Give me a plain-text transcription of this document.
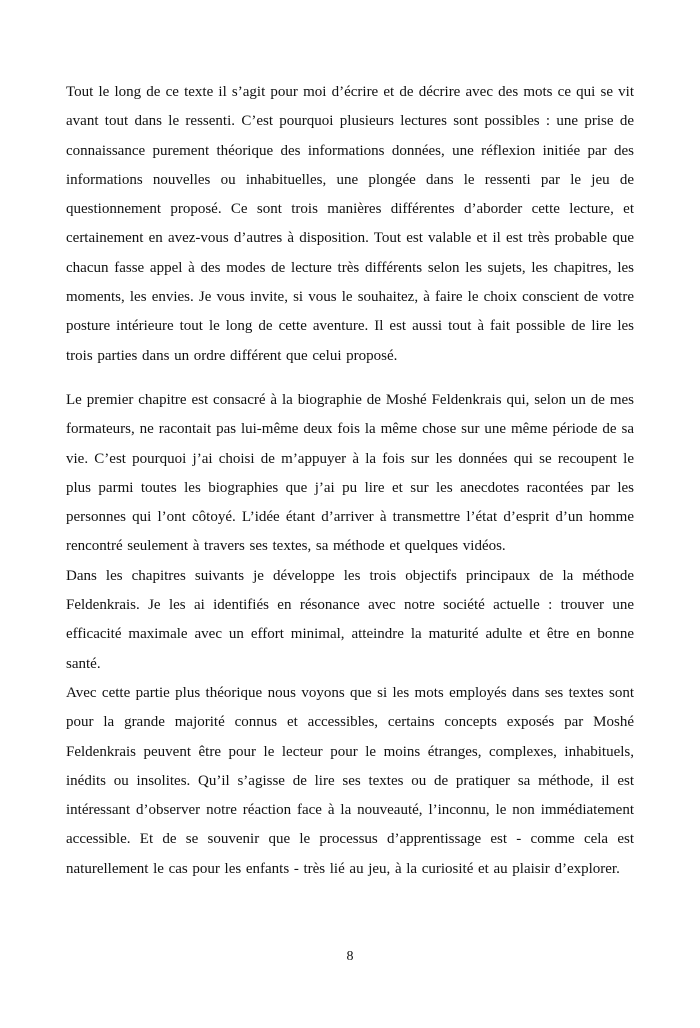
Tout le long de ce texte il s’agit pour moi d’écrire et de décrire avec des mots ce qui se vit avant tout dans le ressenti. C’est pourquoi plusieurs lectures sont possibles : une prise de connaissance purement théorique des informations données, une réflexion initiée par des informations nouvelles ou inhabituelles, une plongée dans le ressenti par le jeu de questionnement proposé. Ce sont trois manières différentes d’aborder cette lecture, et certainement en avez-vous d’autres à disposition. Tout est valable et il est très probable que chacun fasse appel à des modes de lecture très différents selon les sujets, les chapitres, les moments, les envies. Je vous invite, si vous le souhaitez, à faire le choix conscient de votre posture intérieure tout le long de cette aventure. Il est aussi tout à fait possible de lire les trois parties dans un ordre différent que celui proposé.

Le premier chapitre est consacré à la biographie de Moshé Feldenkrais qui, selon un de mes formateurs, ne racontait pas lui-même deux fois la même chose sur une même période de sa vie. C’est pourquoi j’ai choisi de m’appuyer à la fois sur les données qui se recoupent le plus parmi toutes les biographies que j’ai pu lire et sur les anecdotes racontées par les personnes qui l’ont côtoyé. L’idée étant d’arriver à transmettre l’état d’esprit d’un homme rencontré seulement à travers ses textes, sa méthode et quelques vidéos.

Dans les chapitres suivants je développe les trois objectifs principaux de la méthode Feldenkrais. Je les ai identifiés en résonance avec notre société actuelle : trouver une efficacité maximale avec un effort minimal, atteindre la maturité adulte et être en bonne santé.

Avec cette partie plus théorique nous voyons que si les mots employés dans ses textes sont pour la grande majorité connus et accessibles, certains concepts exposés par Moshé Feldenkrais peuvent être pour le lecteur pour le moins étranges, complexes, inhabituels, inédits ou insolites. Qu’il s’agisse de lire ses textes ou de pratiquer sa méthode, il est intéressant d’observer notre réaction face à la nouveauté, l’inconnu, le non immédiatement accessible. Et de se souvenir que le processus d’apprentissage est - comme cela est naturellement le cas pour les enfants - très lié au jeu, à la curiosité et au plaisir d’explorer.

8
